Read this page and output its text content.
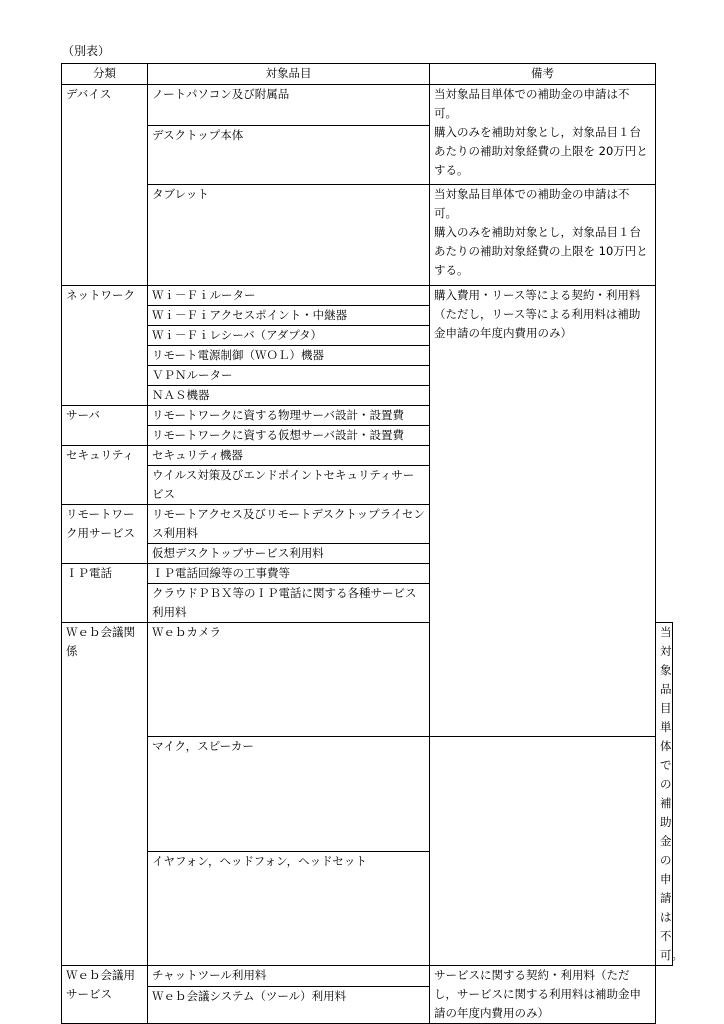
（別表）
分類	対象品目	備考	
デバイス	ノートパソコン及び附属品	当対象品目単体での補助金の申請は不可。
購入のみを補助対象とし，対象品目１台あたりの補助対象経費の上限を 20万円とする。	

	デスクトップ本体		
	タブレット	当対象品目単体での補助金の申請は不可。
購入のみを補助対象とし，対象品目１台あたりの補助対象経費の上限を 10万円とする。	

ネットワーク	Ｗｉ－Ｆｉルーター	購入費用・リース等による契約・利用料（ただし，リース等による利用料は補助金申請の年度内費用のみ）	
	Ｗｉ－Ｆｉアクセスポイント・中継器		
	Ｗｉ－Ｆｉレシーバ（アダプタ）		
	リモート電源制御（ＷＯＬ）機器		
	ＶＰＮルーター		
	ＮＡＳ機器		
サーバ	リモートワークに資する物理サーバ設計・設置費		
	リモートワークに資する仮想サーバ設計・設置費		
セキュリティ	セキュリティ機器		
	ウイルス対策及びエンドポイントセキュリティサービス		
リモートワーク用サービス	リモートアクセス及びリモートデスクトップライセンス利用料		
	仮想デスクトップサービス利用料		
ＩＰ電話	ＩＰ電話回線等の工事費等		
	クラウドＰＢＸ等のＩＰ電話に関する各種サービス利用料		
Ｗｅｂ会議関係	Ｗｅｂカメラ		当対象品目単体での補助金の申請は不可。
	マイク，スピーカー		
	イヤフォン，ヘッドフォン，ヘッドセット		
Ｗｅｂ会議用サービス	チャットツール利用料	サービスに関する契約・利用料（ただし，サービスに関する利用料は補助金申請の年度内費用のみ）	
	Ｗｅｂ会議システム（ツール）利用料		
